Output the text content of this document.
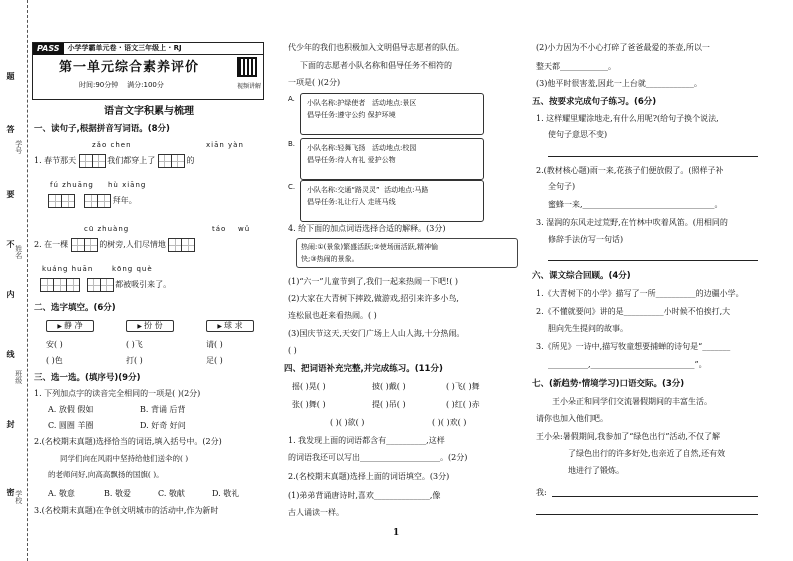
题
答
要
不
内
线
封
密
学号
姓名
班级
学校
PASS	小学学霸单元卷 · 语文三年级上 · RJ
第一单元综合素养评价
时间:90分钟 满分:100分	视频讲解
语言文字积累与梳理
一、读句子,根据拼音写词语。(8分)
zǎo chen	xiān yàn
1. 春节那天	我们都穿上了	的
fú zhuāng hù xiāng
拜年。
cū zhuàng	táo wǔ
2. 在一棵	的树旁,人们尽情地
kuáng huān	kōng què
都被吸引来了。
二、选字填空。(6分)
▶ 静 净	▶ 扮 份	▶ 球 求
安( )	( )飞	请( )
( )色	打( )	足( )
三、选一选。(填序号)(9分)
1. 下列加点字的读音完全相同的一项是( )(2分)
A. 放假 假如	B. 背诵 后背
C. 圆圈 羊圈	D. 好奇 好问
2.(名校期末真题)选择恰当的词语,填入括号中。(2分)
同学们向在风雨中坚持给他们送伞的( )
的老师问好,向高高飘扬的国旗( )。
A. 敬意	B. 敬爱	C. 敬献	D. 敬礼
3.(名校期末真题)在争创文明城市的活动中,作为新时
代少年的我们也积极加入文明倡导志愿者的队伍。
下面的志愿者小队名称和倡导任务不相符的
一项是( )(2分)
A. 小队名称:护绿使者 活动地点:景区
倡导任务:遵守公约 保护环境
B. 小队名称:轻舞飞扬 活动地点:校园
倡导任务:待人有礼 爱护公物
C. 小队名称:交通“路灵灵” 活动地点:马路
倡导任务:礼让行人 走班马线
4. 给下面的加点词语选择合适的解释。(3分)
热闹:①(景象)繁盛活跃;②使场面活跃,精神愉
快;③热闹的景象。
(1)“六一”儿童节到了,我们一起来热闹一下吧!( )
(2)大家在大青树下摔跤,做游戏,招引来许多小鸟,
连松鼠也赶来看热闹。( )
(3)国庆节这天,天安门广场上人山人海,十分热闹。
( )
四、把词语补充完整,并完成练习。(11分)
摇( )晃( )	披( )戴( )	( )飞( )舞
张( )舞( )	提( )吊( )	( )红( )赤
( )( )欲( )	( )( )欢( )
1. 我发现上面的词语都含有__________,这样
的词语我还可以写出____________________。(2分)
2.(名校期末真题)选择上面的词语填空。(3分)
(1)弟弟背诵唐诗时,喜欢______________,像
古人诵读一样。
(2)小力因为不小心打碎了爸爸最爱的茶壶,所以一
整天都____________。
(3)他平时很害羞,因此一上台就____________。
五、按要求完成句子练习。(6分)
1. 这样耀里耀涂地走,有什么用呢?(给句子换个说法,
使句子意思不变)
2.(教材核心题)雨一来,花孩子们便放假了。(照样子补
全句子)
蜜蜂一来,_________________________________。
3. 湿润的东风走过荒野,在竹林中吹着风笛。(用相同的
修辞手法仿写一句话)
六、课文综合回顾。(4分)
1.《大青树下的小学》描写了一所__________的边疆小学。
2.《不懂就要问》讲的是__________小时候不怕挨打,大
胆向先生提问的故事。
3.《所见》一诗中,描写牧童想要捕蝉的诗句是“_______
__________,__________________________”。
七、(新趋势·情境学习)口语交际。(3分)
王小朵正和同学们交流暑假期间的丰富生活。
请你也加入他们吧。
王小朵:暑假期间,我参加了“绿色出行”活动,不仅了解
了绿色出行的许多好处,也亲近了自然,还有效
地进行了锻炼。
我:
1
